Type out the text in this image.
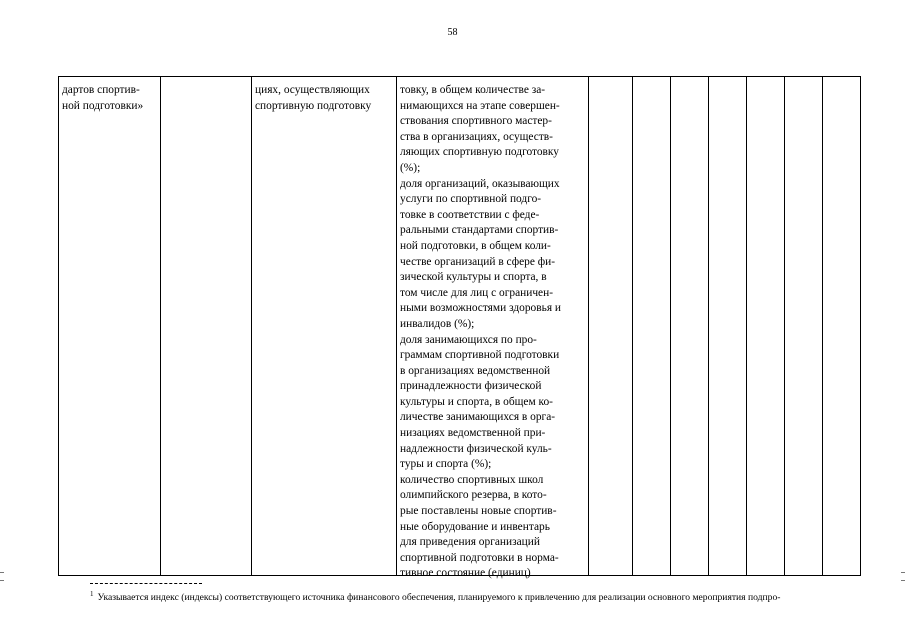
58
дартов спортив-
ной подготовки»
циях, осуществляющих
спортивную подготовку
товку, в общем количестве за-
нимающихся на этапе совершен-
ствования спортивного мастер-
ства в организациях, осуществ-
ляющих спортивную подготовку
(%);
доля организаций, оказывающих
услуги по спортивной подго-
товке в соответствии с феде-
ральными стандартами спортив-
ной подготовки, в общем коли-
честве организаций в сфере фи-
зической культуры и спорта, в
том числе для лиц с ограничен-
ными возможностями здоровья и
инвалидов (%);
доля занимающихся по про-
граммам спортивной подготовки
в организациях ведомственной
принадлежности физической
культуры и спорта, в общем ко-
личестве занимающихся в орга-
низациях ведомственной при-
надлежности физической куль-
туры и спорта (%);
количество спортивных школ
олимпийского резерва, в кото-
рые поставлены новые спортив-
ные оборудование и инвентарь
для приведения организаций
спортивной подготовки в норма-
тивное состояние (единиц)
$^1$ Указывается индекс (индексы) соответствующего источника финансового обеспечения, планируемого к привлечению для реализации основного мероприятия подпро-
